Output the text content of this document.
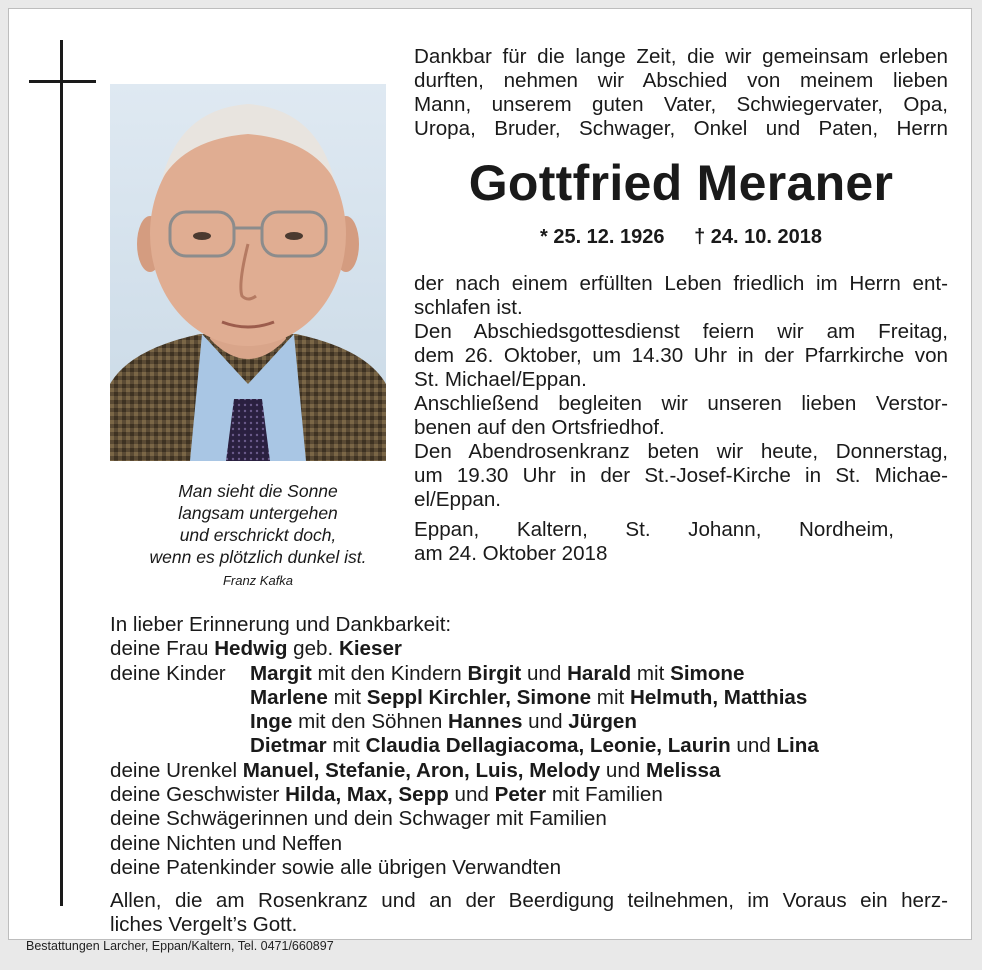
Man sieht die Sonne
langsam untergehen
und erschrickt doch,
wenn es plötzlich dunkel ist.
Franz Kafka
Dankbar für die lange Zeit, die wir gemeinsam erleben
durften, nehmen wir Abschied von meinem lieben
Mann, unserem guten Vater, Schwiegervater, Opa,
Uropa, Bruder, Schwager, Onkel und Paten, Herrn
Gottfried Meraner
* 25. 12. 1926 † 24. 10. 2018
der nach einem erfüllten Leben friedlich im Herrn ent-
schlafen ist.
Den Abschiedsgottesdienst feiern wir am Freitag,
dem 26. Oktober, um 14.30 Uhr in der Pfarrkirche von
St. Michael/Eppan.
Anschließend begleiten wir unseren lieben Verstor-
benen auf den Ortsfriedhof.
Den Abendrosenkranz beten wir heute, Donnerstag,
um 19.30 Uhr in der St.-Josef-Kirche in St. Michae-
el/Eppan.
Eppan, Kaltern, St. Johann, Nordheim,
am 24. Oktober 2018
In lieber Erinnerung und Dankbarkeit:
deine Frau Hedwig geb. Kieser
deine KinderMargit mit den Kindern Birgit und Harald mit Simone
Marlene mit Seppl Kirchler, Simone mit Helmuth, Matthias
Inge mit den Söhnen Hannes und Jürgen
Dietmar mit Claudia Dellagiacoma, Leonie, Laurin und Lina
deine Urenkel Manuel, Stefanie, Aron, Luis, Melody und Melissa
deine Geschwister Hilda, Max, Sepp und Peter mit Familien
deine Schwägerinnen und dein Schwager mit Familien
deine Nichten und Neffen
deine Patenkinder sowie alle übrigen Verwandten
Allen, die am Rosenkranz und an der Beerdigung teilnehmen, im Voraus ein herz-
liches Vergelt’s Gott.
Bestattungen Larcher, Eppan/Kaltern, Tel. 0471/660897
